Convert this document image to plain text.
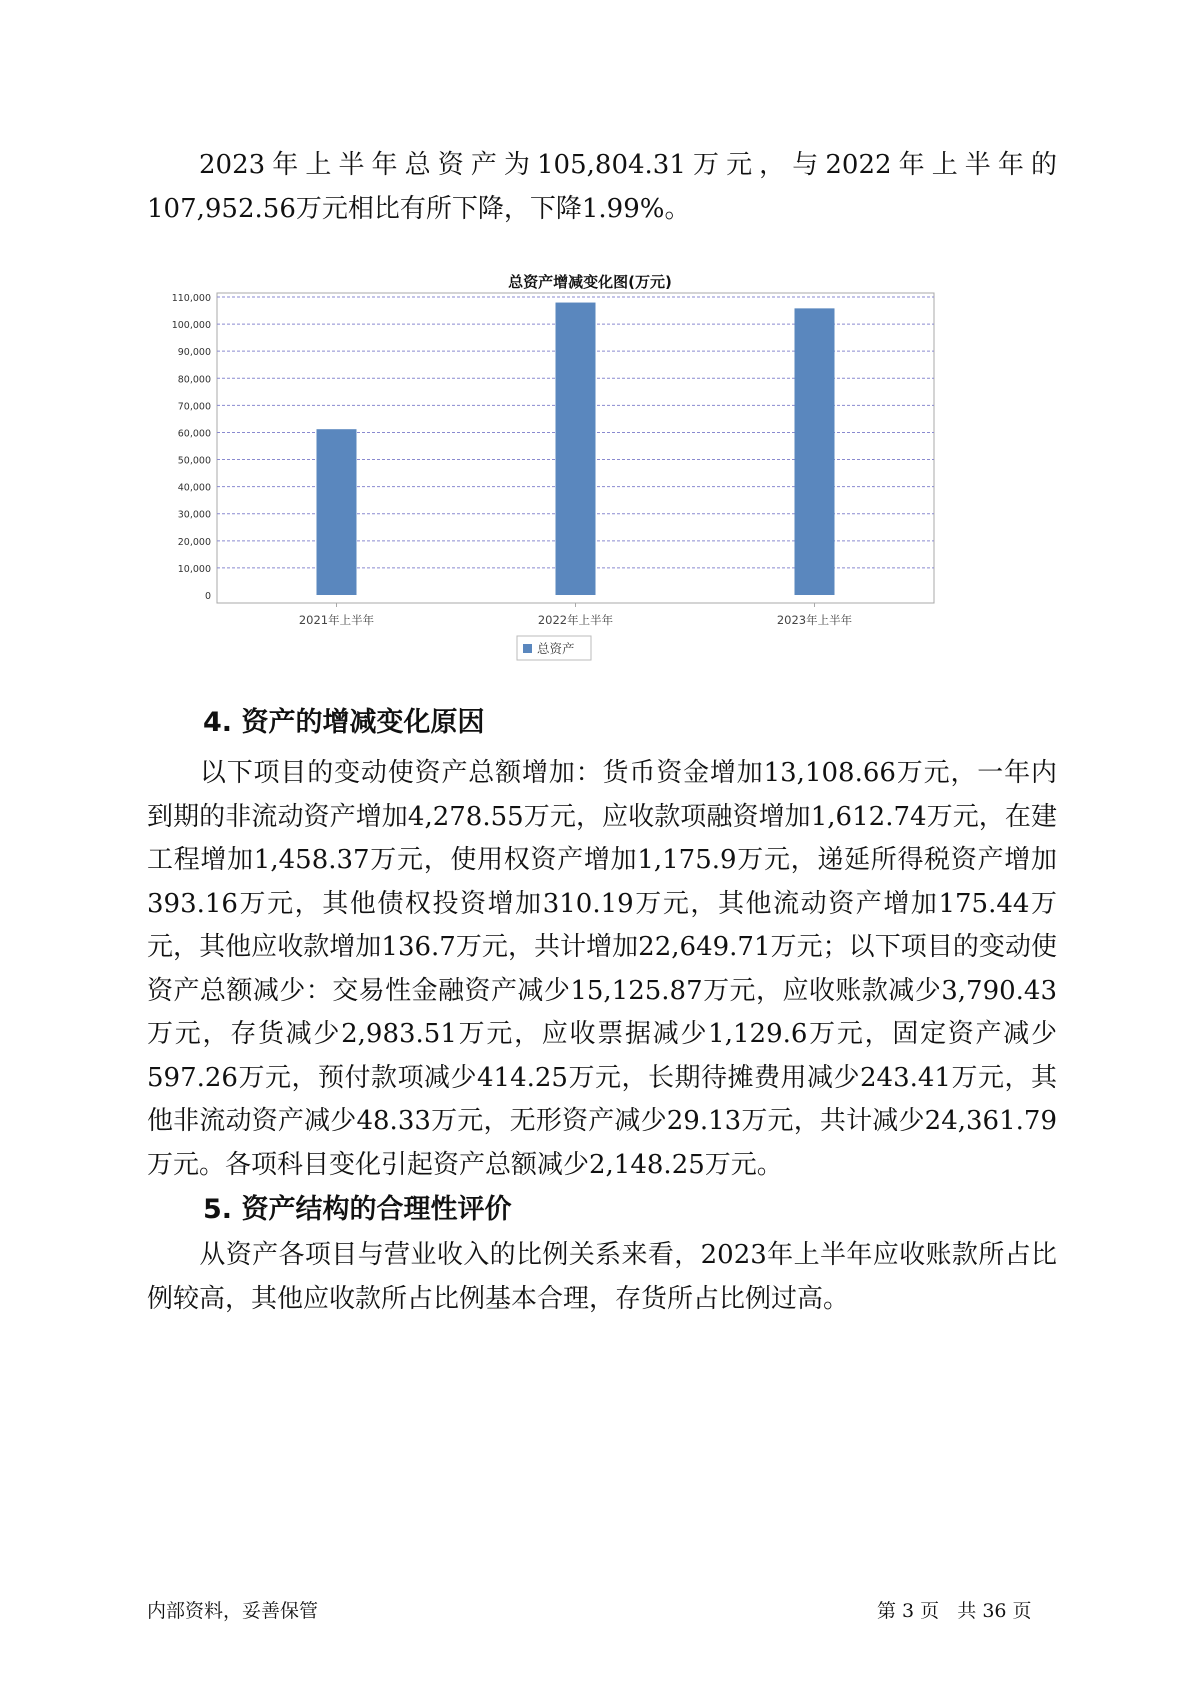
2023年上半年总资产为105,804.31万元，与2022年上半年的107,952.56万元相比有所下降，下降1.99%。

总资产增减变化图(万元)
0
10,000
20,000
30,000
40,000
50,000
60,000
70,000
80,000
90,000
100,000
110,000
2021年上半年	2022年上半年	2023年上半年
总资产
4. 资产的增减变化原因

以下项目的变动使资产总额增加：货币资金增加13,108.66万元，一年内到期的非流动资产增加4,278.55万元，应收款项融资增加1,612.74万元，在建工程增加1,458.37万元，使用权资产增加1,175.9万元，递延所得税资产增加393.16万元，其他债权投资增加310.19万元，其他流动资产增加175.44万元，其他应收款增加136.7万元，共计增加22,649.71万元；以下项目的变动使资产总额减少：交易性金融资产减少15,125.87万元，应收账款减少3,790.43万元，存货减少2,983.51万元，应收票据减少1,129.6万元，固定资产减少597.26万元，预付款项减少414.25万元，长期待摊费用减少243.41万元，其他非流动资产减少48.33万元，无形资产减少29.13万元，共计减少24,361.79万元。各项科目变化引起资产总额减少2,148.25万元。

5. 资产结构的合理性评价

从资产各项目与营业收入的比例关系来看，2023年上半年应收账款所占比例较高，其他应收款所占比例基本合理，存货所占比例过高。

内部资料，妥善保管	第 3 页   共 36 页
